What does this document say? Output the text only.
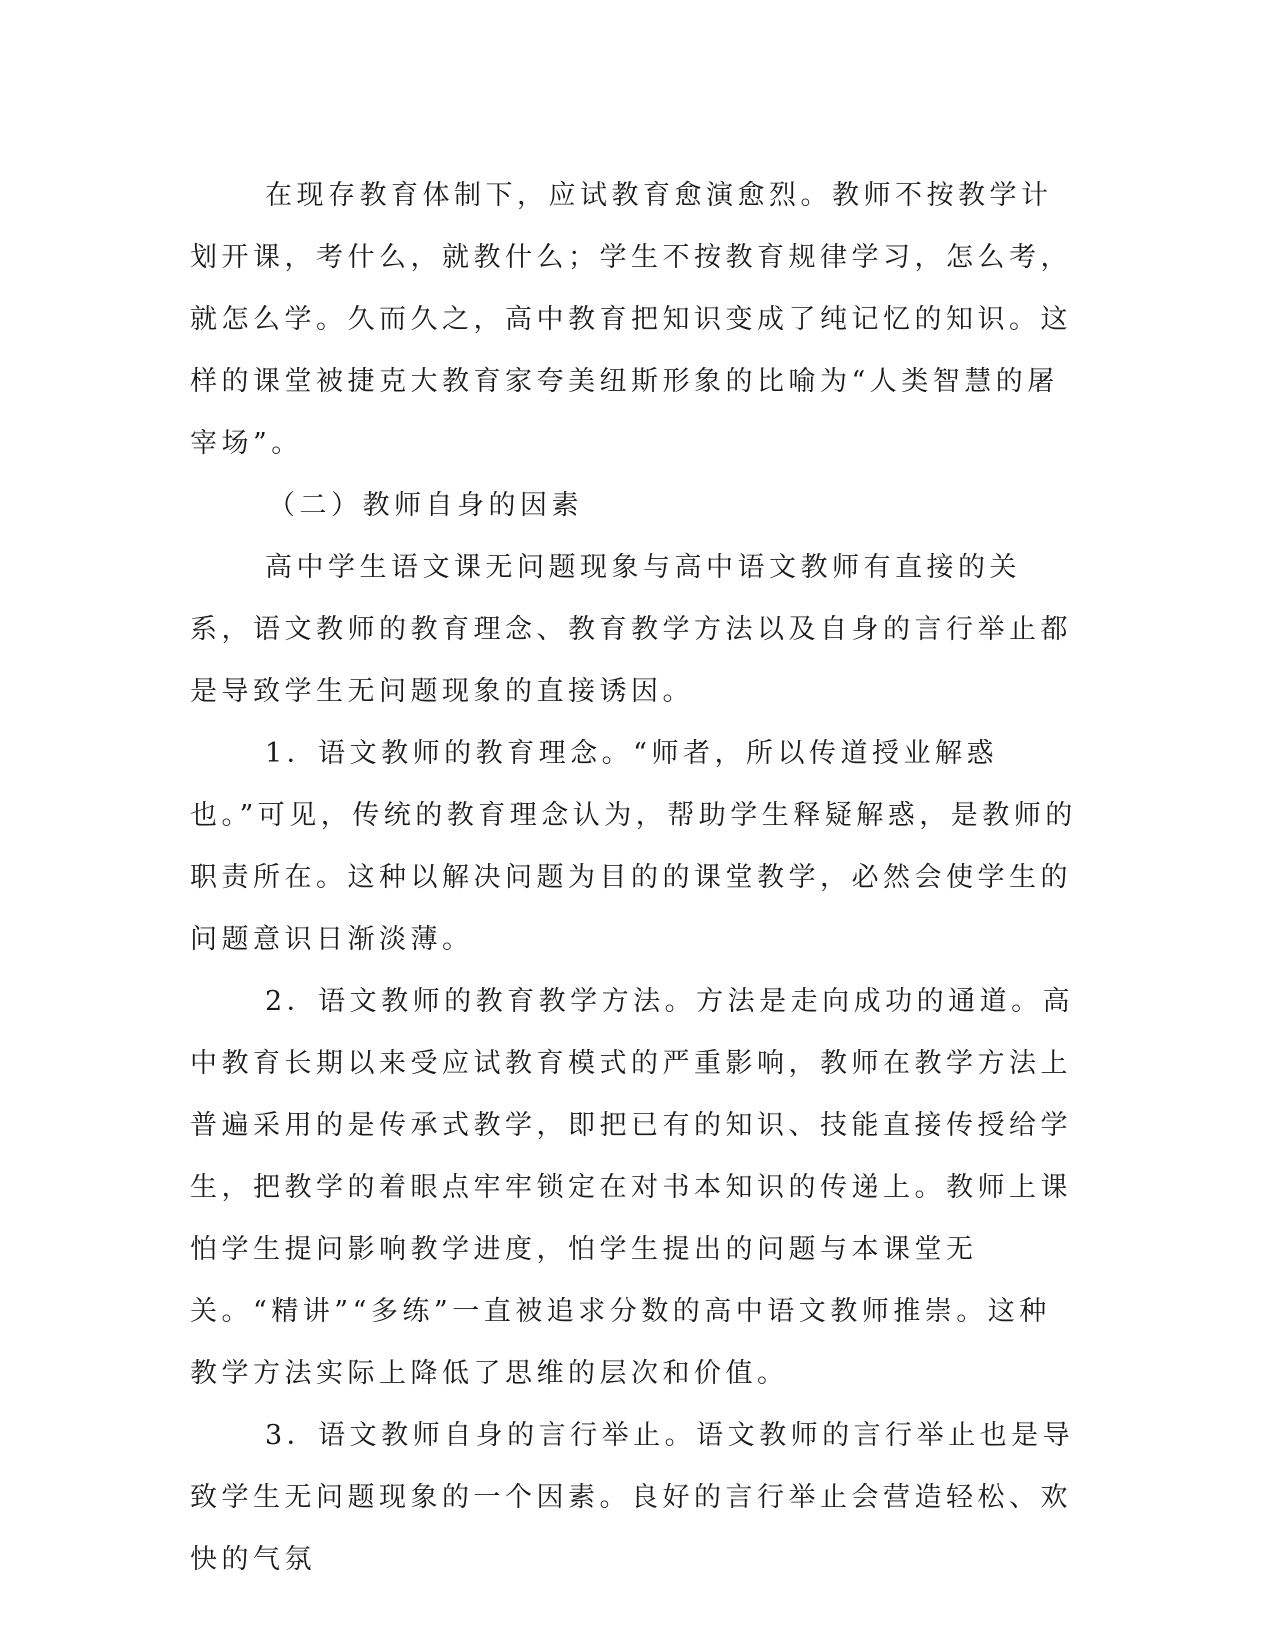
在现存教育体制下，应试教育愈演愈烈。教师不按教学计划开课，考什么，就教什么；学生不按教育规律学习，怎么考，就怎么学。久而久之，高中教育把知识变成了纯记忆的知识。这样的课堂被捷克大教育家夸美纽斯形象的比喻为“人类智慧的屠宰场”。

（二）教师自身的因素

高中学生语文课无问题现象与高中语文教师有直接的关系，语文教师的教育理念、教育教学方法以及自身的言行举止都是导致学生无问题现象的直接诱因。

1．语文教师的教育理念。“师者，所以传道授业解惑也。”可见，传统的教育理念认为，帮助学生释疑解惑，是教师的职责所在。这种以解决问题为目的的课堂教学，必然会使学生的问题意识日渐淡薄。

2．语文教师的教育教学方法。方法是走向成功的通道。高中教育长期以来受应试教育模式的严重影响，教师在教学方法上普遍采用的是传承式教学，即把已有的知识、技能直接传授给学生，把教学的着眼点牢牢锁定在对书本知识的传递上。教师上课怕学生提问影响教学进度，怕学生提出的问题与本课堂无关。“精讲”“多练”一直被追求分数的高中语文教师推崇。这种教学方法实际上降低了思维的层次和价值。

3．语文教师自身的言行举止。语文教师的言行举止也是导致学生无问题现象的一个因素。良好的言行举止会营造轻松、欢快的气氛
